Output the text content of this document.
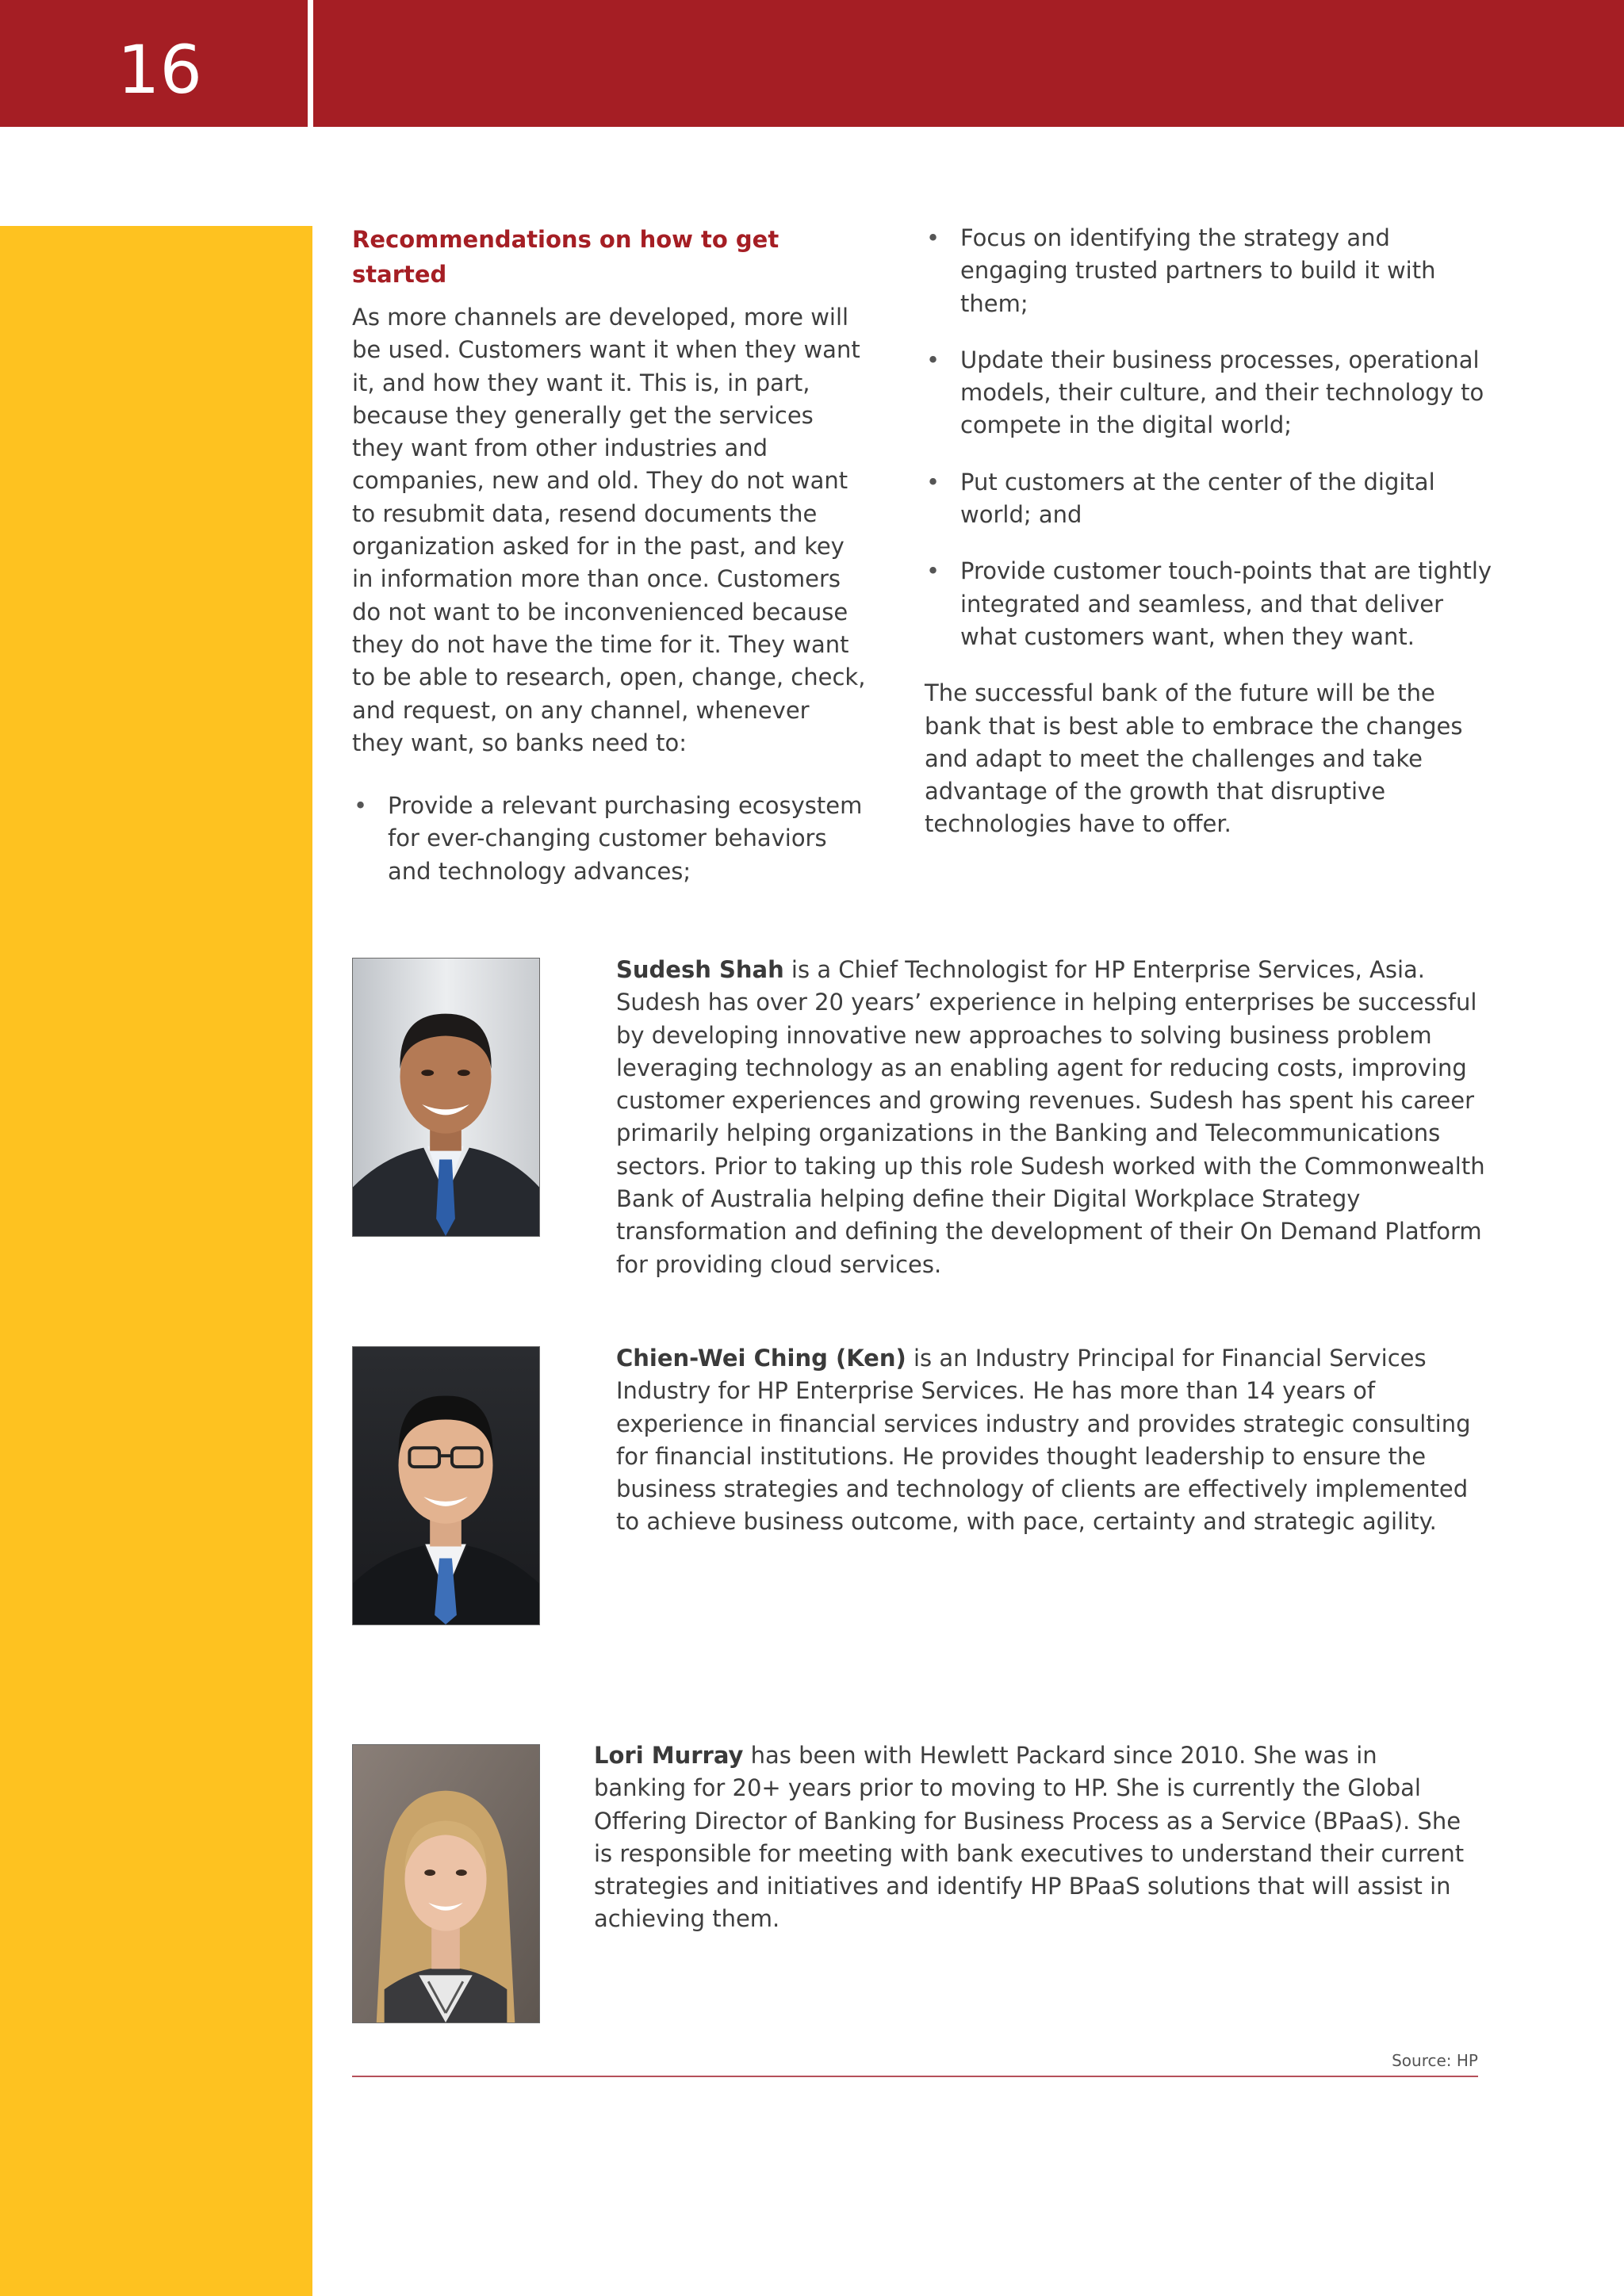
16
Recommendations on how to get started

As more channels are developed, more will be used. Customers want it when they want it, and how they want it. This is, in part, because they generally get the services they want from other industries and companies, new and old. They do not want to resubmit data, resend documents the organization asked for in the past, and key in information more than once. Customers do not want to be inconvenienced because they do not have the time for it. They want to be able to research, open, change, check, and request, on any channel, whenever they want, so banks need to:

• Provide a relevant purchasing ecosystem for ever-changing customer behaviors and technology advances;
• Focus on identifying the strategy and engaging trusted partners to build it with them;
• Update their business processes, operational models, their culture, and their technology to compete in the digital world;
• Put customers at the center of the digital world; and
• Provide customer touch-points that are tightly integrated and seamless, and that deliver what customers want, when they want.

The successful bank of the future will be the bank that is best able to embrace the changes and adapt to meet the challenges and take advantage of the growth that disruptive technologies have to offer.

Sudesh Shah is a Chief Technologist for HP Enterprise Services, Asia. Sudesh has over 20 years’ experience in helping enterprises be successful by developing innovative new approaches to solving business problem leveraging technology as an enabling agent for reducing costs, improving customer experiences and growing revenues. Sudesh has spent his career primarily helping organizations in the Banking and Telecommunications sectors. Prior to taking up this role Sudesh worked with the Commonwealth Bank of Australia helping define their Digital Workplace Strategy transformation and defining the development of their On Demand Platform for providing cloud services.

Chien-Wei Ching (Ken) is an Industry Principal for Financial Services Industry for HP Enterprise Services. He has more than 14 years of experience in financial services industry and provides strategic consulting for financial institutions. He provides thought leadership to ensure the business strategies and technology of clients are effectively implemented to achieve business outcome, with pace, certainty and strategic agility.

Lori Murray has been with Hewlett Packard since 2010. She was in banking for 20+ years prior to moving to HP. She is currently the Global Offering Director of Banking for Business Process as a Service (BPaaS). She is responsible for meeting with bank executives to understand their current strategies and initiatives and identify HP BPaaS solutions that will assist in achieving them.

Source: HP
